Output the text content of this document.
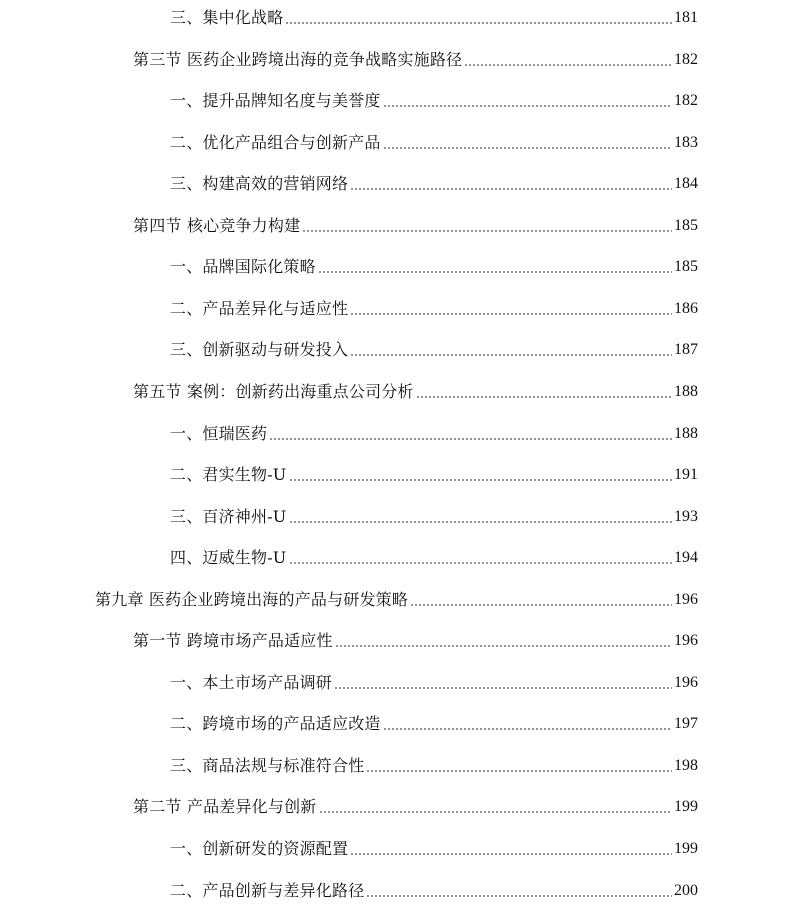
三、集中化战略	181
第三节 医药企业跨境出海的竞争战略实施路径	182
一、提升品牌知名度与美誉度	182
二、优化产品组合与创新产品	183
三、构建高效的营销网络	184
第四节 核心竞争力构建	185
一、品牌国际化策略	185
二、产品差异化与适应性	186
三、创新驱动与研发投入	187
第五节 案例：创新药出海重点公司分析	188
一、恒瑞医药	188
二、君实生物-U	191
三、百济神州-U	193
四、迈威生物-U	194
第九章 医药企业跨境出海的产品与研发策略	196
第一节 跨境市场产品适应性	196
一、本土市场产品调研	196
二、跨境市场的产品适应改造	197
三、商品法规与标准符合性	198
第二节 产品差异化与创新	199
一、创新研发的资源配置	199
二、产品创新与差异化路径	200
